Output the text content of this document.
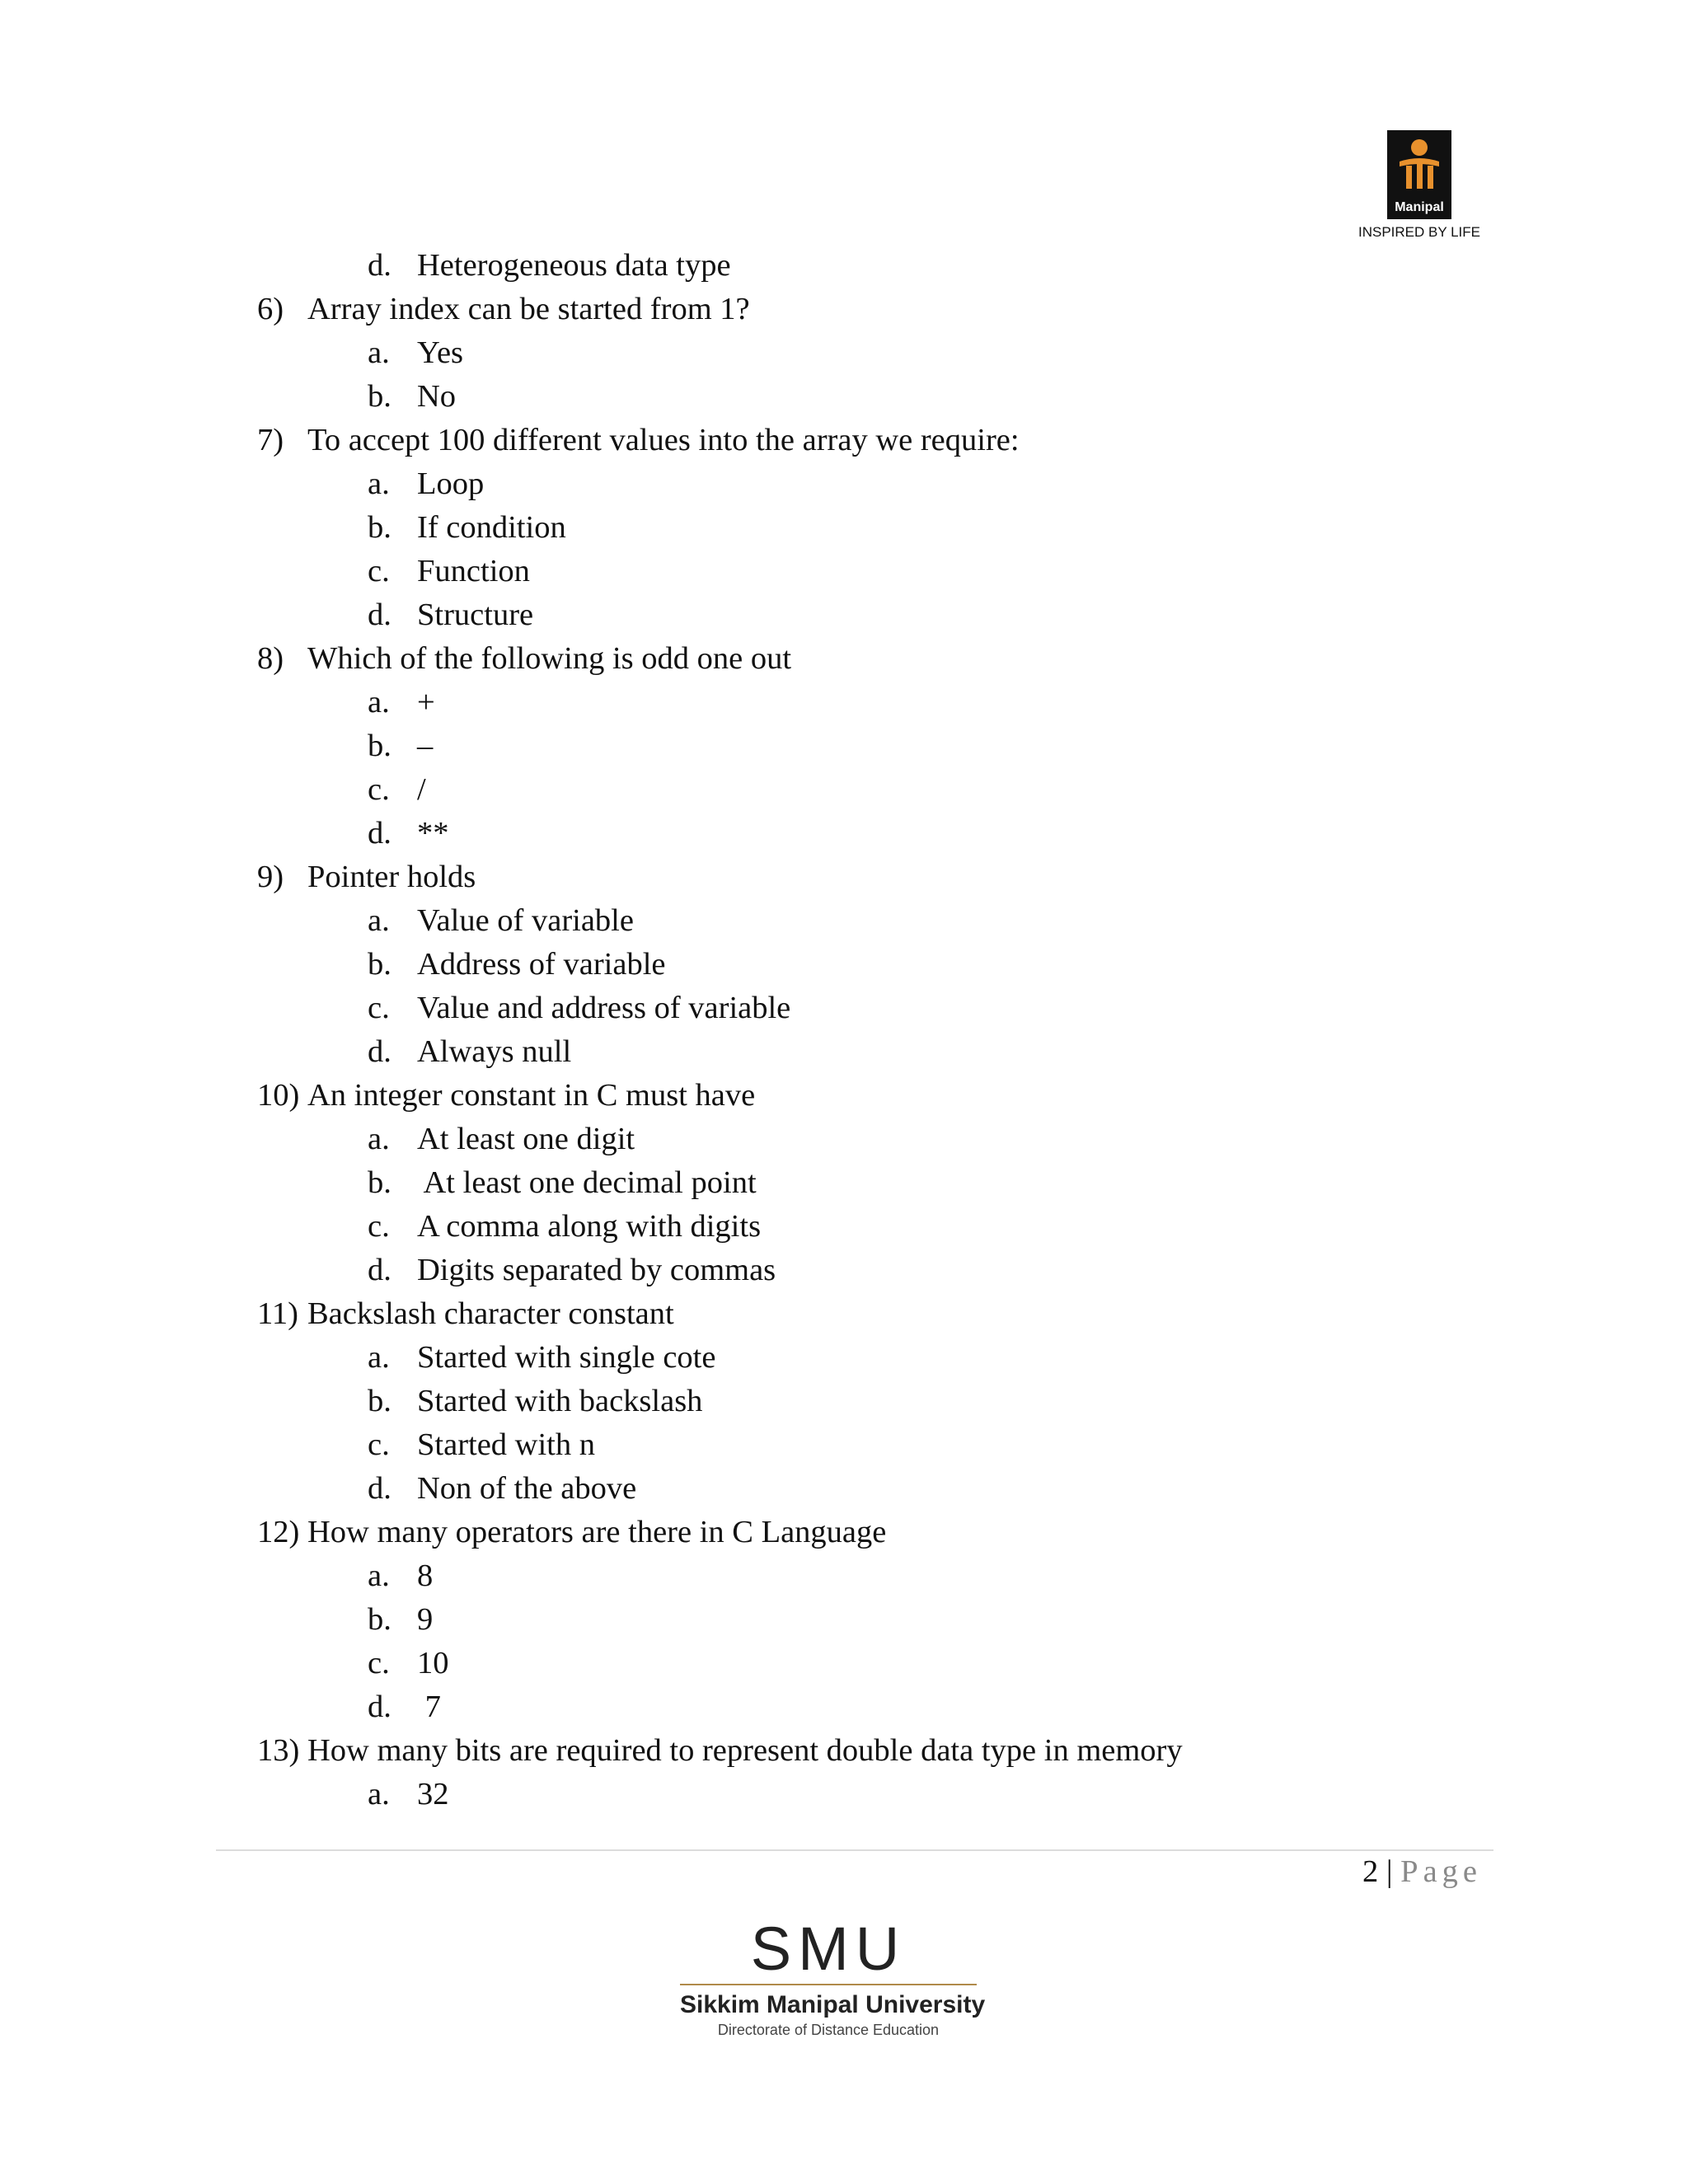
Manipal
INSPIRED BY LIFE
d. Heterogeneous data type
6) Array index can be started from 1?
a. Yes
b. No
7) To accept 100 different values into the array we require:
a. Loop
b. If condition
c. Function
d. Structure
8) Which of the following is odd one out
a. +
b. –
c. /
d. **
9) Pointer holds
a. Value of variable
b. Address of variable
c. Value and address of variable
d. Always null
10) An integer constant in C must have
a. At least one digit
b. At least one decimal point
c. A comma along with digits
d. Digits separated by commas
11) Backslash character constant
a. Started with single cote
b. Started with backslash
c. Started with n
d. Non of the above
12) How many operators are there in C Language
a. 8
b. 9
c. 10
d. 7
13) How many bits are required to represent double data type in memory
a. 32
2 | Page
SMU
Sikkim Manipal University
Directorate of Distance Education
